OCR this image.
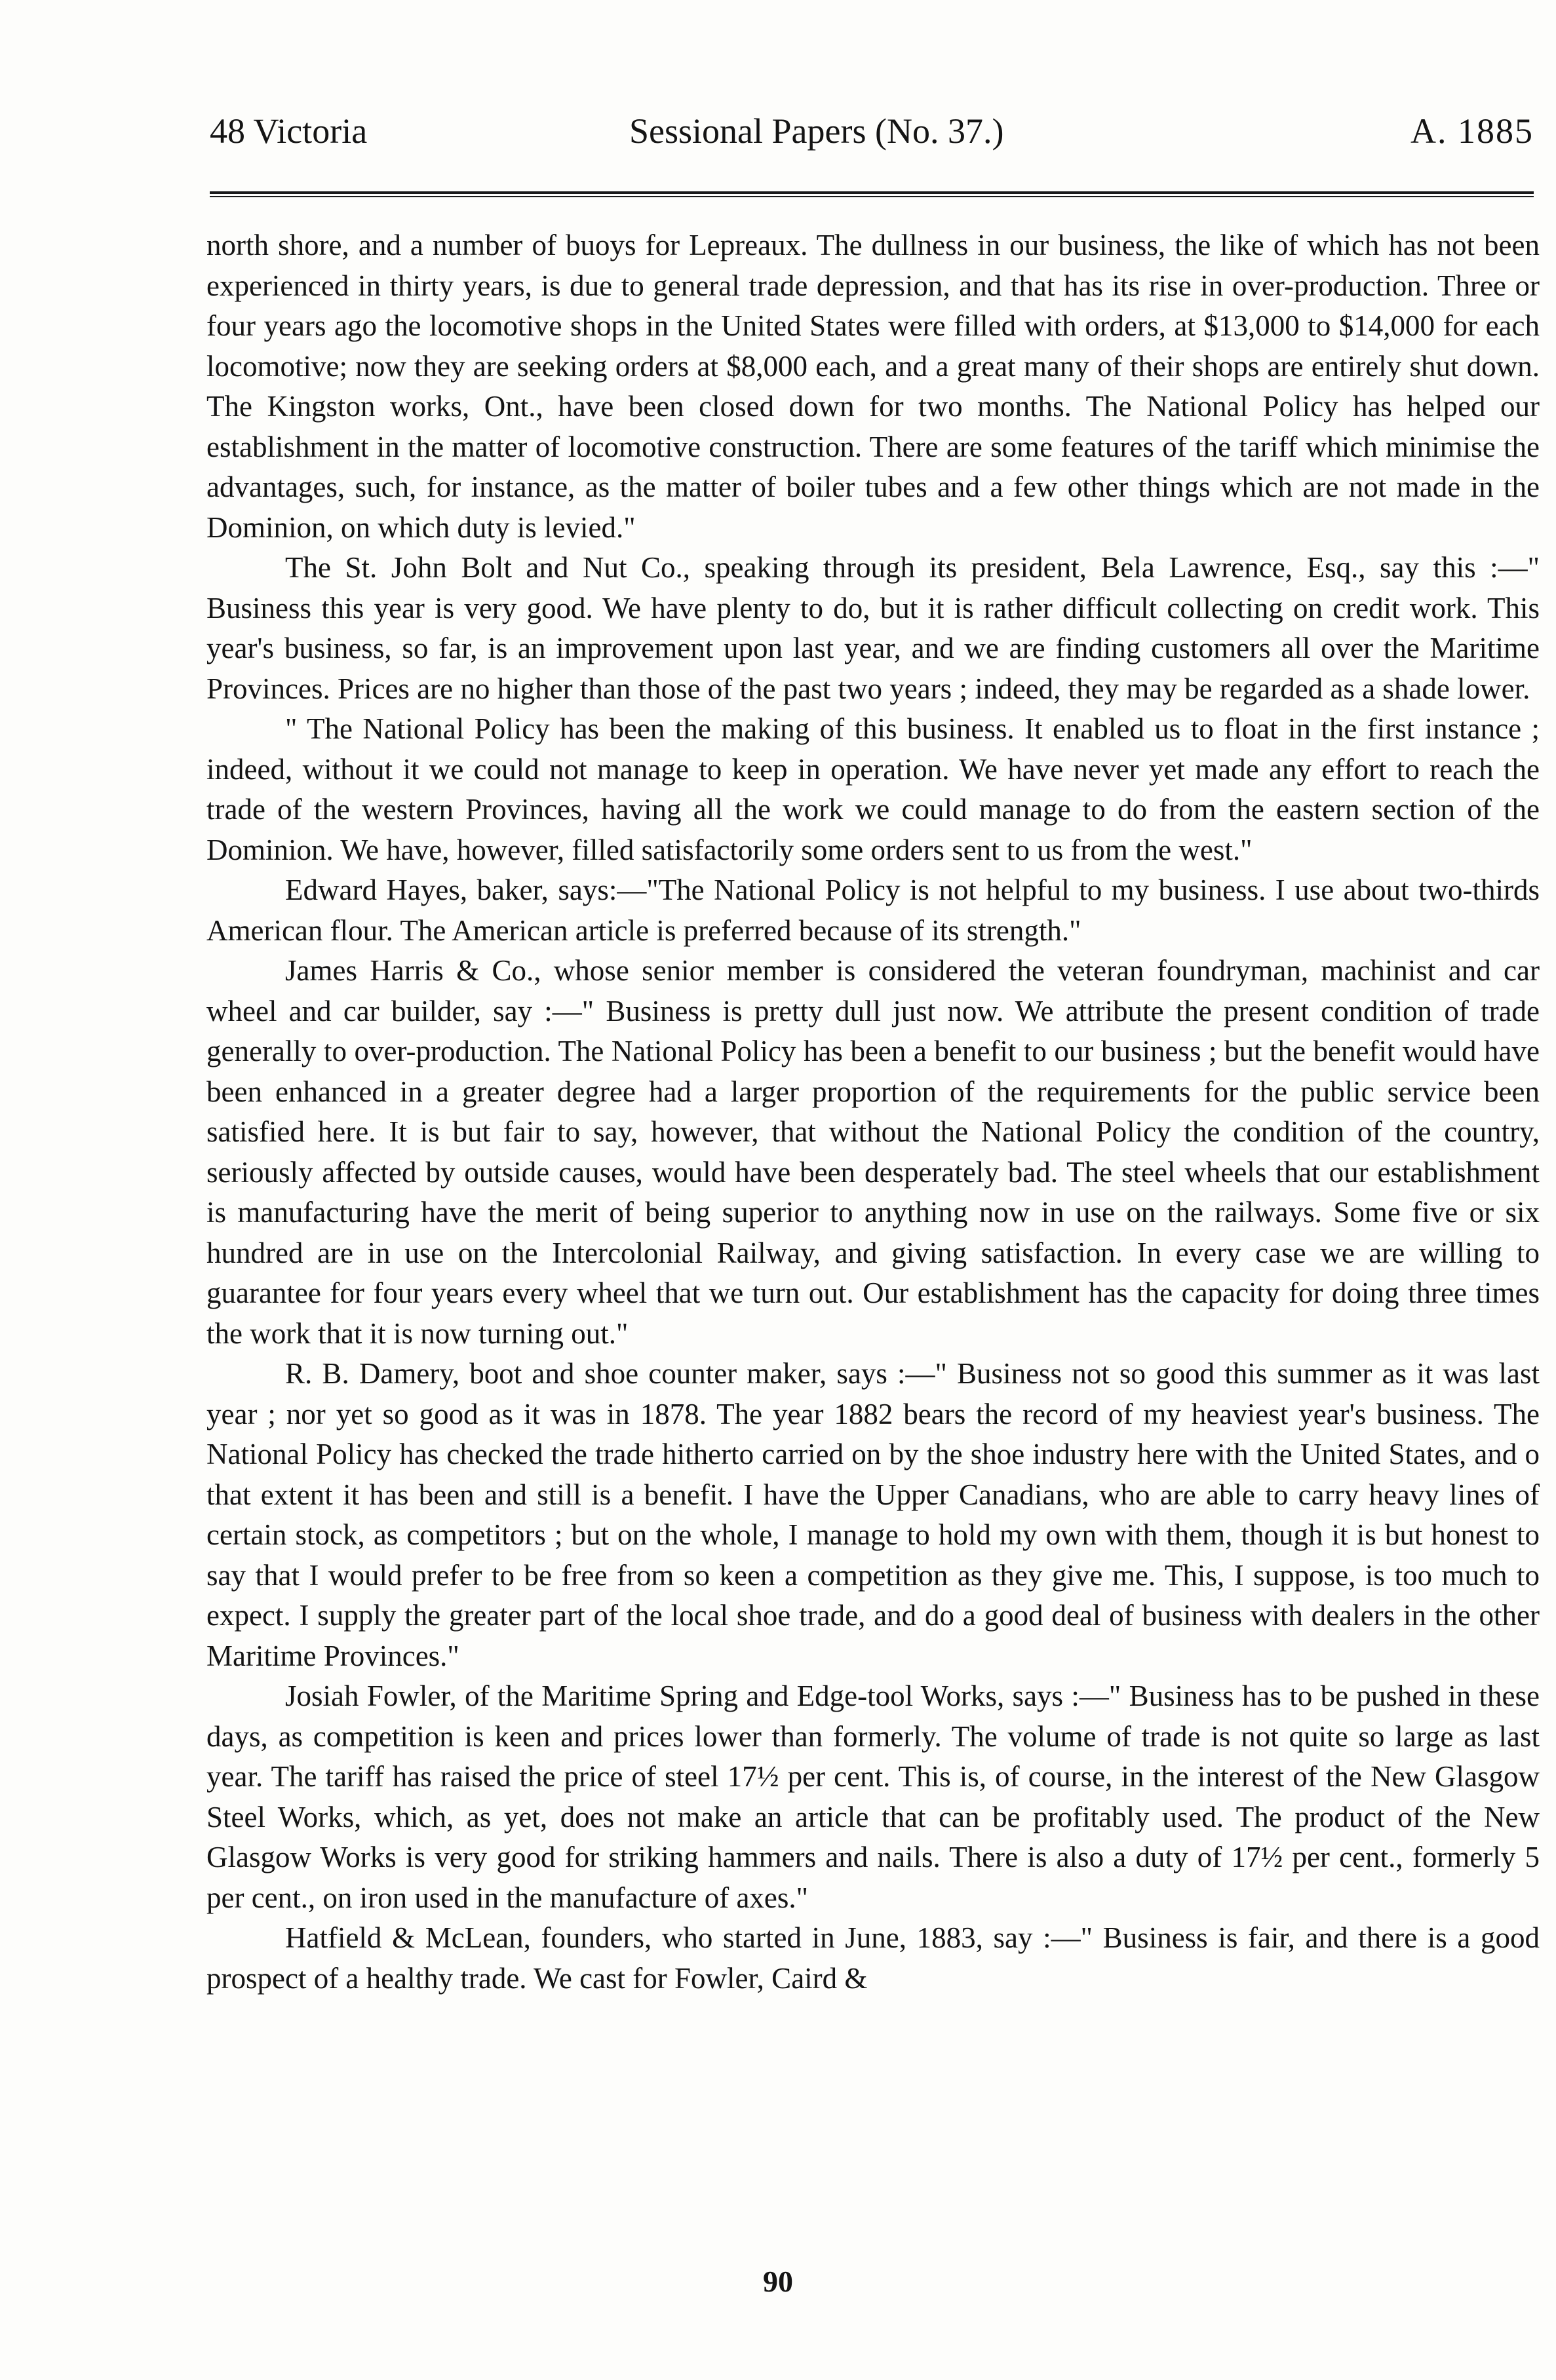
48 Victoria	Sessional Papers (No. 37.)	A. 1885

north shore, and a number of buoys for Lepreaux. The dullness in our business, the like of which has not been experienced in thirty years, is due to general trade depression, and that has its rise in over-production. Three or four years ago the locomotive shops in the United States were filled with orders, at $13,000 to $14,000 for each locomotive; now they are seeking orders at $8,000 each, and a great many of their shops are entirely shut down. The Kingston works, Ont., have been closed down for two months. The National Policy has helped our establishment in the matter of locomotive construction. There are some features of the tariff which minimise the advantages, such, for instance, as the matter of boiler tubes and a few other things which are not made in the Dominion, on which duty is levied."

The St. John Bolt and Nut Co., speaking through its president, Bela Lawrence, Esq., say this :—" Business this year is very good. We have plenty to do, but it is rather difficult collecting on credit work. This year's business, so far, is an improvement upon last year, and we are finding customers all over the Maritime Provinces. Prices are no higher than those of the past two years ; indeed, they may be regarded as a shade lower.

" The National Policy has been the making of this business. It enabled us to float in the first instance ; indeed, without it we could not manage to keep in operation. We have never yet made any effort to reach the trade of the western Provinces, having all the work we could manage to do from the eastern section of the Dominion. We have, however, filled satisfactorily some orders sent to us from the west."

Edward Hayes, baker, says:—"The National Policy is not helpful to my business. I use about two-thirds American flour. The American article is preferred because of its strength."

James Harris & Co., whose senior member is considered the veteran foundryman, machinist and car wheel and car builder, say :—" Business is pretty dull just now. We attribute the present condition of trade generally to over-production. The National Policy has been a benefit to our business ; but the benefit would have been enhanced in a greater degree had a larger proportion of the requirements for the public service been satisfied here. It is but fair to say, however, that without the National Policy the condition of the country, seriously affected by outside causes, would have been desperately bad. The steel wheels that our establishment is manufacturing have the merit of being superior to anything now in use on the railways. Some five or six hundred are in use on the Intercolonial Railway, and giving satisfaction. In every case we are willing to guarantee for four years every wheel that we turn out. Our establishment has the capacity for doing three times the work that it is now turning out."

R. B. Damery, boot and shoe counter maker, says :—" Business not so good this summer as it was last year ; nor yet so good as it was in 1878. The year 1882 bears the record of my heaviest year's business. The National Policy has checked the trade hitherto carried on by the shoe industry here with the United States, and o that extent it has been and still is a benefit. I have the Upper Canadians, who are able to carry heavy lines of certain stock, as competitors ; but on the whole, I manage to hold my own with them, though it is but honest to say that I would prefer to be free from so keen a competition as they give me. This, I suppose, is too much to expect. I supply the greater part of the local shoe trade, and do a good deal of business with dealers in the other Maritime Provinces."

Josiah Fowler, of the Maritime Spring and Edge-tool Works, says :—" Business has to be pushed in these days, as competition is keen and prices lower than formerly. The volume of trade is not quite so large as last year. The tariff has raised the price of steel 17½ per cent. This is, of course, in the interest of the New Glasgow Steel Works, which, as yet, does not make an article that can be profitably used. The product of the New Glasgow Works is very good for striking hammers and nails. There is also a duty of 17½ per cent., formerly 5 per cent., on iron used in the manufacture of axes."

Hatfield & McLean, founders, who started in June, 1883, say :—" Business is fair, and there is a good prospect of a healthy trade. We cast for Fowler, Caird &

90
